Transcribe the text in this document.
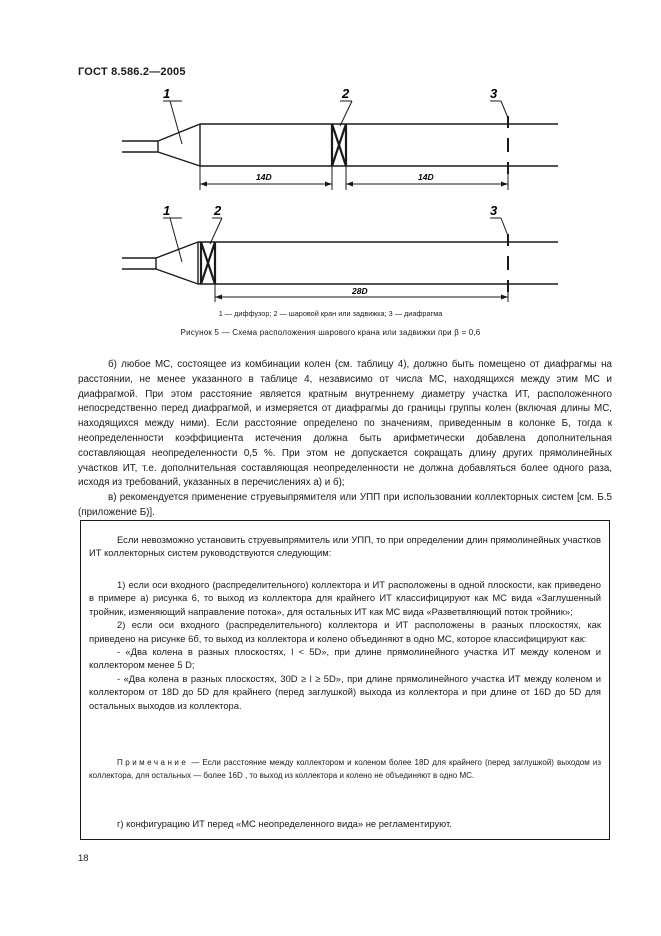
ГОСТ 8.586.2—2005
1	2	3
14D	14D
1	2	3
28D
1 — диффузор; 2 — шаровой кран или задвижка; 3 — диафрагма
Рисунок 5 — Схема расположения шарового крана или задвижки при β = 0,6

б) любое МС, состоящее из комбинации колен (см. таблицу 4), должно быть помещено от диафрагмы на расстоянии, не менее указанного в таблице 4, независимо от числа МС, находящихся между этим МС и диафрагмой. При этом расстояние является кратным внутреннему диаметру участка ИТ, расположенного непосредственно перед диафрагмой, и измеряется от диафрагмы до границы группы колен (включая длины МС, находящихся между ними). Если расстояние определено по значениям, приведенным в колонке Б, тогда к неопределенности коэффициента истечения должна быть арифметически добавлена дополнительная составляющая неопределенности 0,5 %. При этом не допускается сокращать длину других прямолинейных участков ИТ, т.е. дополнительная составляющая неопределенности не должна добавляться более одного раза, исходя из требований, указанных в перечислениях а) и б);

в) рекомендуется применение струевыпрямителя или УПП при использовании коллекторных систем [см. Б.5 (приложение Б)].

Если невозможно установить струевыпрямитель или УПП, то при определении длин прямолинейных участков ИТ коллекторных систем руководствуются следующим:

1) если оси входного (распределительного) коллектора и ИТ расположены в одной плоскости, как приведено в примере а) рисунка 6, то выход из коллектора для крайнего ИТ классифицируют как МС вида «Заглушенный тройник, изменяющий направление потока», для остальных ИТ как МС вида «Разветвляющий поток тройник»;

2) если оси входного (распределительного) коллектора и ИТ расположены в разных плоскостях, как приведено на рисунке 6б, то выход из коллектора и колено объединяют в одно МС, которое классифицируют как:

- «Два колена в разных плоскостях, l < 5D», при длине прямолинейного участка ИТ между коленом и коллектором менее 5 D;

- «Два колена в разных плоскостях, 30D ≥ l ≥ 5D», при длине прямолинейного участка ИТ между коленом и коллектором от 18D до 5D для крайнего (перед заглушкой) выхода из коллектора и при длине от 16D до 5D для остальных выходов из коллектора.

Примечание — Если расстояние между коллектором и коленом более 18D для крайнего (перед заглушкой) выходом из коллектора, для остальных — более 16D , то выход из коллектора и колено не объединяют в одно МС.

г) конфигурацию ИТ перед «МС неопределенного вида» не регламентируют.

18
